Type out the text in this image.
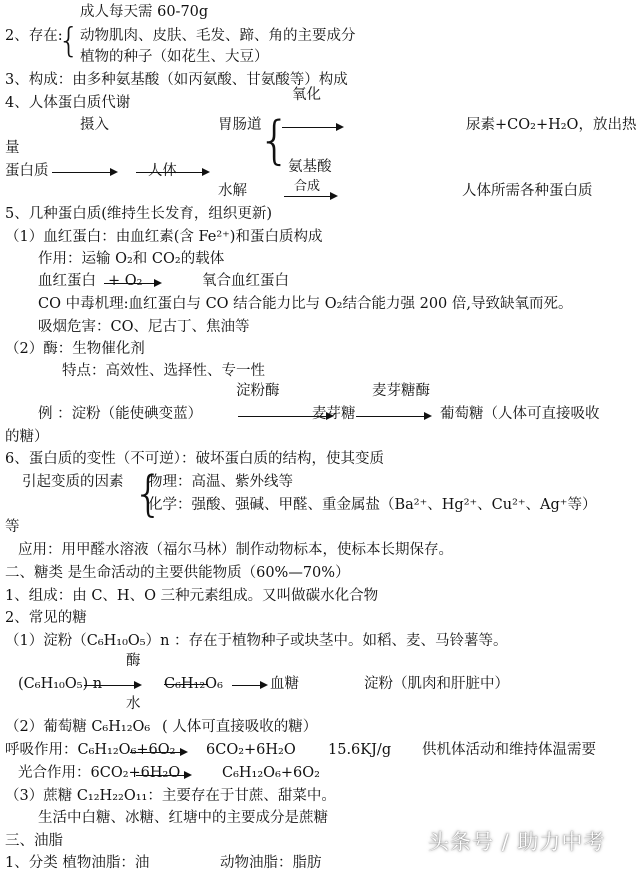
成人每天需 60-70g
2、存在:
{ 动物肌肉、皮肤、毛发、蹄、角的主要成分
植物的种子（如花生、大豆）
3、构成：由多种氨基酸（如丙氨酸、甘氨酸等）构成
4、人体蛋白质代谢	氧化
摄入	胃肠道	尿素+CO₂+H₂O，放出热
{
量
蛋白质	人体	氨基酸
合成
水解	人体所需各种蛋白质
5、几种蛋白质(维持生长发育，组织更新)
（1）血红蛋白：由血红素(含 Fe²⁺)和蛋白质构成
作用：运输 O₂和 CO₂的载体
血红蛋白 + O₂	氧合血红蛋白
CO 中毒机理:血红蛋白与 CO 结合能力比与 O₂结合能力强 200 倍,导致缺氧而死。
吸烟危害：CO、尼古丁、焦油等
（2）酶：生物催化剂
特点：高效性、选择性、专一性
淀粉酶	麦芽糖酶
例 ：淀粉（能使碘变蓝）	麦芽糖	葡萄糖（人体可直接吸收
的糖）
6、蛋白质的变性（不可逆）：破坏蛋白质的结构，使其变质
引起变质的因素 {
物理：高温、紫外线等
化学：强酸、强碱、甲醛、重金属盐（Ba²⁺、Hg²⁺、Cu²⁺、Ag⁺等）
等
应用：用甲醛水溶液（福尔马林）制作动物标本，使标本长期保存。
二、糖类 是生命活动的主要供能物质（60%—70%）
1、组成：由 C、H、O 三种元素组成。又叫做碳水化合物
2、常见的糖
（1）淀粉（C₆H₁₀O₅）n ：存在于植物种子或块茎中。如稻、麦、马铃薯等。
酶
(C₆H₁₀O₅) n	C₆H₁₂O₆ → 血糖	淀粉（肌肉和肝脏中）
水
（2）葡萄糖 C₆H₁₂O₆ ( 人体可直接吸收的糖）
呼吸作用：C₆H₁₂O₆+6O₂ → 6CO₂+6H₂O 15.6KJ/g 供机体活动和维持体温需要
光合作用：6CO₂+6H₂O	C₆H₁₂O₆+6O₂
（3）蔗糖 C₁₂H₂₂O₁₁：主要存在于甘蔗、甜菜中。
生活中白糖、冰糖、红塘中的主要成分是蔗糖
三、油脂
1、分类 植物油脂：油	动物油脂：脂肪
头条号 / 助力中考
